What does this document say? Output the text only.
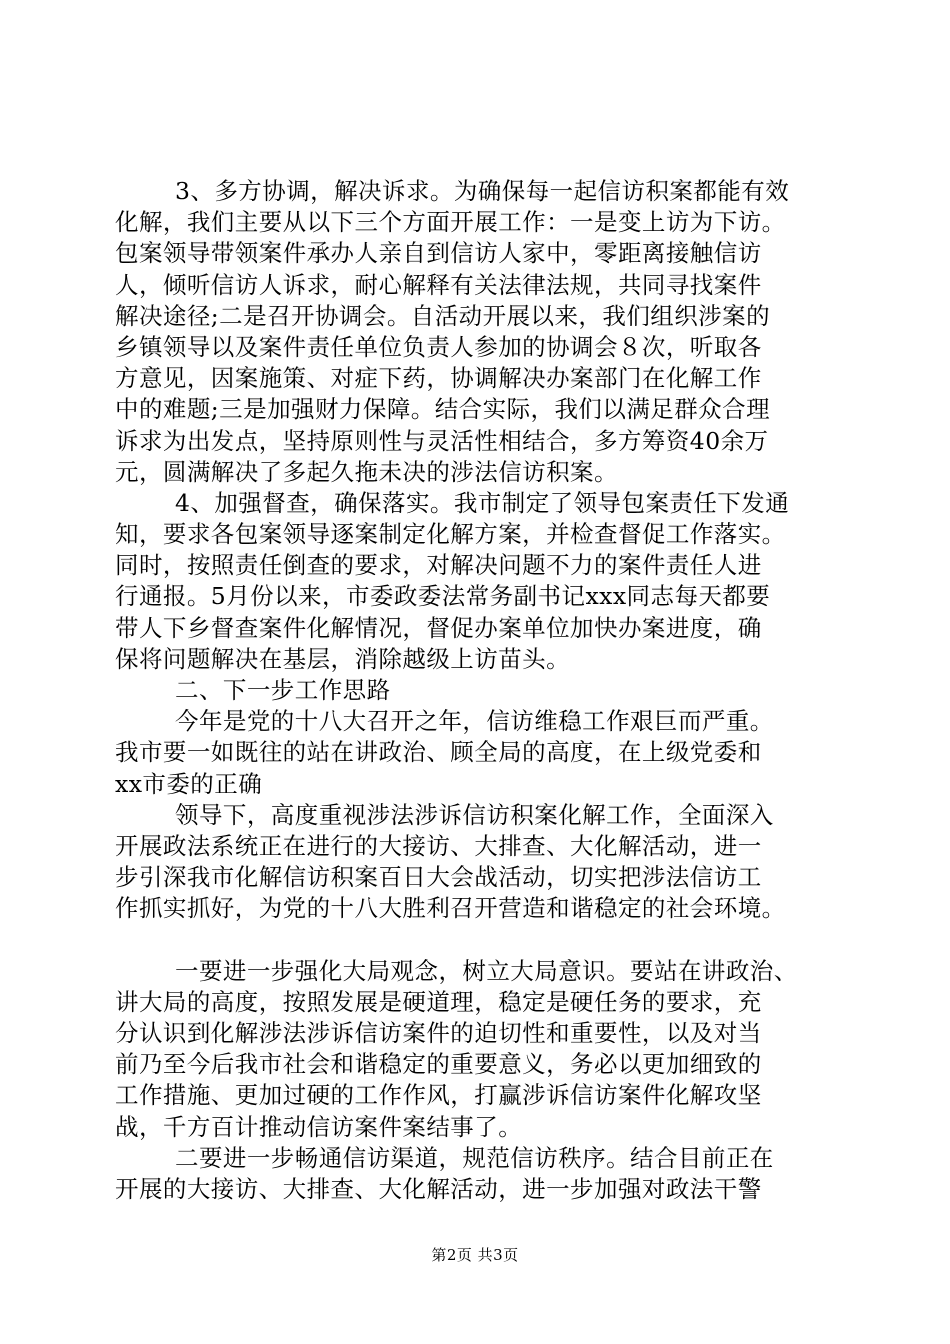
3、多方协调，解决诉求。为确保每一起信访积案都能有效
化解，我们主要从以下三个方面开展工作：一是变上访为下访。
包案领导带领案件承办人亲自到信访人家中，零距离接触信访
人，倾听信访人诉求，耐心解释有关法律法规，共同寻找案件
解决途径;二是召开协调会。自活动开展以来，我们组织涉案的
乡镇领导以及案件责任单位负责人参加的协调会８次，听取各
方意见，因案施策、对症下药，协调解决办案部门在化解工作
中的难题;三是加强财力保障。结合实际，我们以满足群众合理
诉求为出发点，坚持原则性与灵活性相结合，多方筹资40余万
元，圆满解决了多起久拖未决的涉法信访积案。
4、加强督查，确保落实。我市制定了领导包案责任下发通
知，要求各包案领导逐案制定化解方案，并检查督促工作落实。
同时，按照责任倒查的要求，对解决问题不力的案件责任人进
行通报。5月份以来，市委政委法常务副书记xxx同志每天都要
带人下乡督查案件化解情况，督促办案单位加快办案进度，确
保将问题解决在基层，消除越级上访苗头。
二、下一步工作思路
今年是党的十八大召开之年，信访维稳工作艰巨而严重。
我市要一如既往的站在讲政治、顾全局的高度，在上级党委和
xx市委的正确
领导下，高度重视涉法涉诉信访积案化解工作，全面深入
开展政法系统正在进行的大接访、大排查、大化解活动，进一
步引深我市化解信访积案百日大会战活动，切实把涉法信访工
作抓实抓好，为党的十八大胜利召开营造和谐稳定的社会环境。
一要进一步强化大局观念，树立大局意识。要站在讲政治、
讲大局的高度，按照发展是硬道理，稳定是硬任务的要求，充
分认识到化解涉法涉诉信访案件的迫切性和重要性，以及对当
前乃至今后我市社会和谐稳定的重要意义，务必以更加细致的
工作措施、更加过硬的工作作风，打赢涉诉信访案件化解攻坚
战，千方百计推动信访案件案结事了。
二要进一步畅通信访渠道，规范信访秩序。结合目前正在
开展的大接访、大排查、大化解活动，进一步加强对政法干警
第2页 共3页
